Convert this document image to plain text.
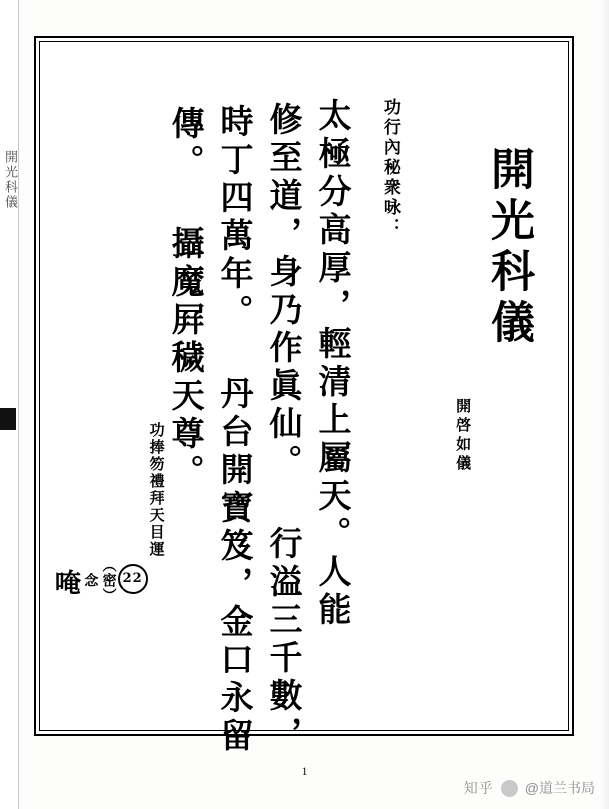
開光科儀	開光科儀
開啓如儀
功行內秘衆咏：
太極分高厚，輕清上屬天。人能
修至道，身乃作眞仙。 行溢三千數，
時丁四萬年。 丹台開寶笈，金口永留
傳。 攝魔屛穢天尊。
功捧笏禮拜天目運
22
（密）
念
唵
1
知乎 @道兰书局
